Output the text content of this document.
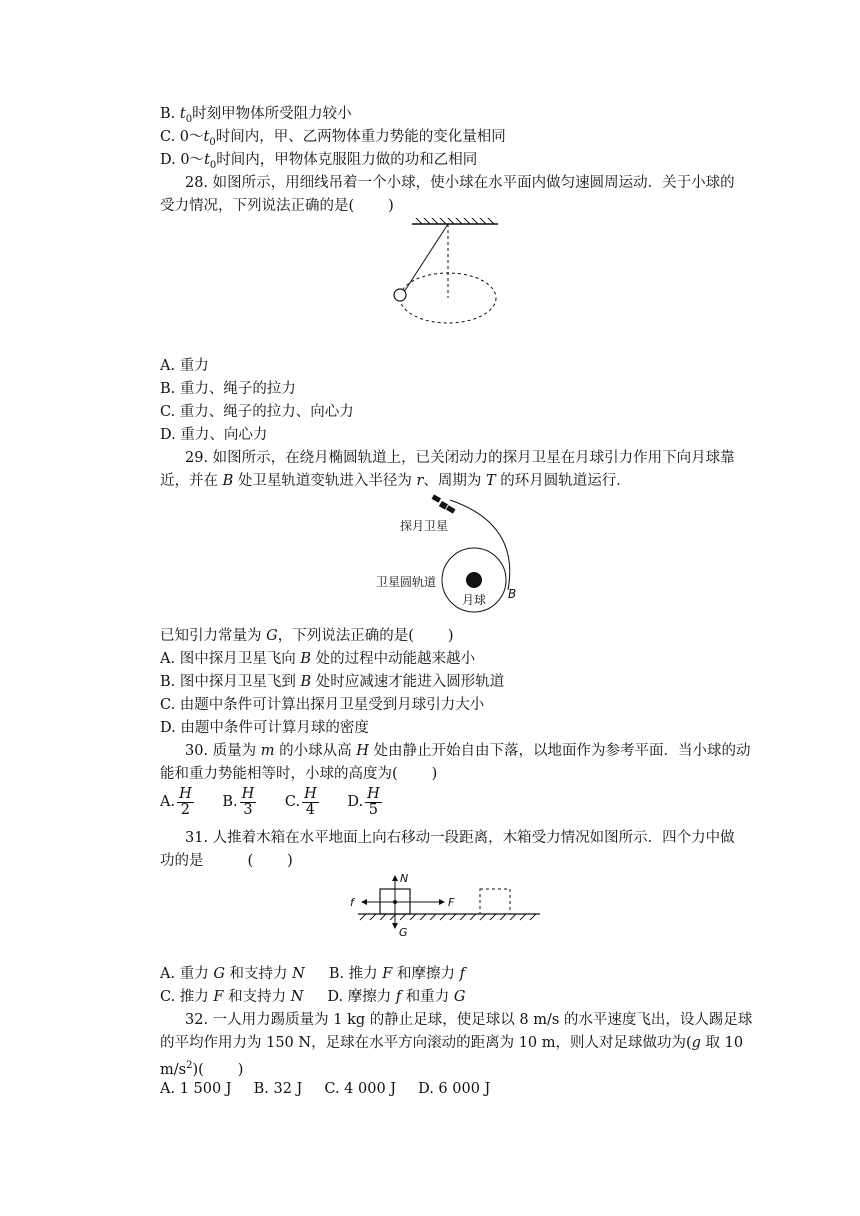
B. $t_0$时刻甲物体所受阻力较小
C. $0\sim t_0$时间内，甲、乙两物体重力势能的变化量相同
D. $0\sim t_0$时间内，甲物体克服阻力做的功和乙相同
28. 如图所示，用细线吊着一个小球，使小球在水平面内做匀速圆周运动．关于小球的
受力情况，下列说法正确的是( )
A. 重力
B. 重力、绳子的拉力
C. 重力、绳子的拉力、向心力
D. 重力、向心力
29. 如图所示，在绕月椭圆轨道上，已关闭动力的探月卫星在月球引力作用下向月球靠
近，并在 B 处卫星轨道变轨进入半径为 r、周期为 T 的环月圆轨道运行．
探月卫星
卫星圆轨道
月球 B
已知引力常量为 G，下列说法正确的是( )
A. 图中探月卫星飞向 B 处的过程中动能越来越小
B. 图中探月卫星飞到 B 处时应减速才能进入圆形轨道
C. 由题中条件可计算出探月卫星受到月球引力大小
D. 由题中条件可计算月球的密度
30. 质量为 m 的小球从高 H 处由静止开始自由下落，以地面作为参考平面．当小球的动
能和重力势能相等时，小球的高度为( )
A. $\frac{H}{2} B$. $\frac{H}{3} C$. $\frac{H}{4} D$. $\frac{H}{5}$
31. 人推着木箱在水平地面上向右移动一段距离，木箱受力情况如图所示．四个力中做
功的是	( )
N
F
f
G
A. 重力 G 和支持力 N B. 推力 F 和摩擦力 f
C. 推力 F 和支持力 N D. 摩擦力 f 和重力 G
32. 一人用力踢质量为 1 kg 的静止足球，使足球以 8 m/s 的水平速度飞出，设人踢足球
的平均作用力为 150 N，足球在水平方向滚动的距离为 10 m，则人对足球做功为(g 取 10
$m/s^2$)( )
A. 1 500 J B. 32 J C. 4 000 J D. 6 000 J
